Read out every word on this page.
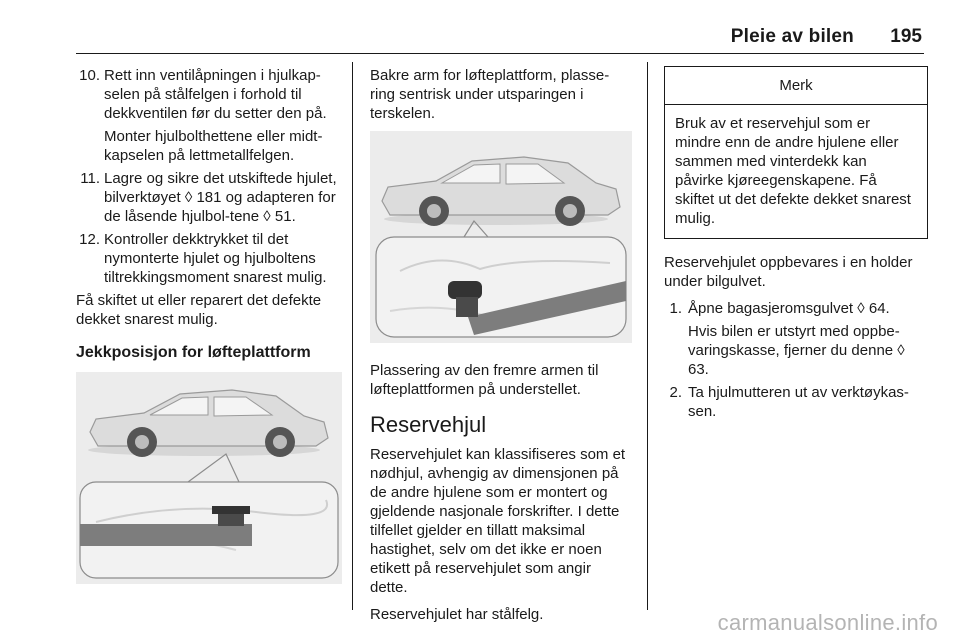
Pleie av bilen 195
10. Rett inn ventilåpningen i hjulkap-selen på stålfelgen i forhold til dekkventilen før du setter den på.

Monter hjulbolthettene eller midt-kapselen på lettmetallfelgen.

11. Lagre og sikre det utskiftede hjulet, bilverktøyet ◊ 181 og adapteren for de låsende hjulbol-tene ◊ 51.

12. Kontroller dekktrykket til det nymonterte hjulet og hjulboltens tiltrekkingsmoment snarest mulig.

Få skiftet ut eller reparert det defekte dekket snarest mulig.

Jekkposisjon for løfteplattform

Bakre arm for løfteplattform, plasse-ring sentrisk under utsparingen i terskelen.

Plassering av den fremre armen til løfteplattformen på understellet.

Reservehjul

Reservehjulet kan klassifiseres som et nødhjul, avhengig av dimensjonen på de andre hjulene som er montert og gjeldende nasjonale forskrifter. I dette tilfellet gjelder en tillatt maksimal hastighet, selv om det ikke er noen etikett på reservehjulet som angir dette.

Reservehjulet har stålfelg.

Merk
Bruk av et reservehjul som er mindre enn de andre hjulene eller sammen med vinterdekk kan påvirke kjøreegenskapene. Få skiftet ut det defekte dekket snarest mulig.

Reservehjulet oppbevares i en holder under bilgulvet.

1. Åpne bagasjeromsgulvet ◊ 64.

Hvis bilen er utstyrt med oppbe-varingskasse, fjerner du denne ◊ 63.

2. Ta hjulmutteren ut av verktøykas-sen.

carmanualsonline.info
